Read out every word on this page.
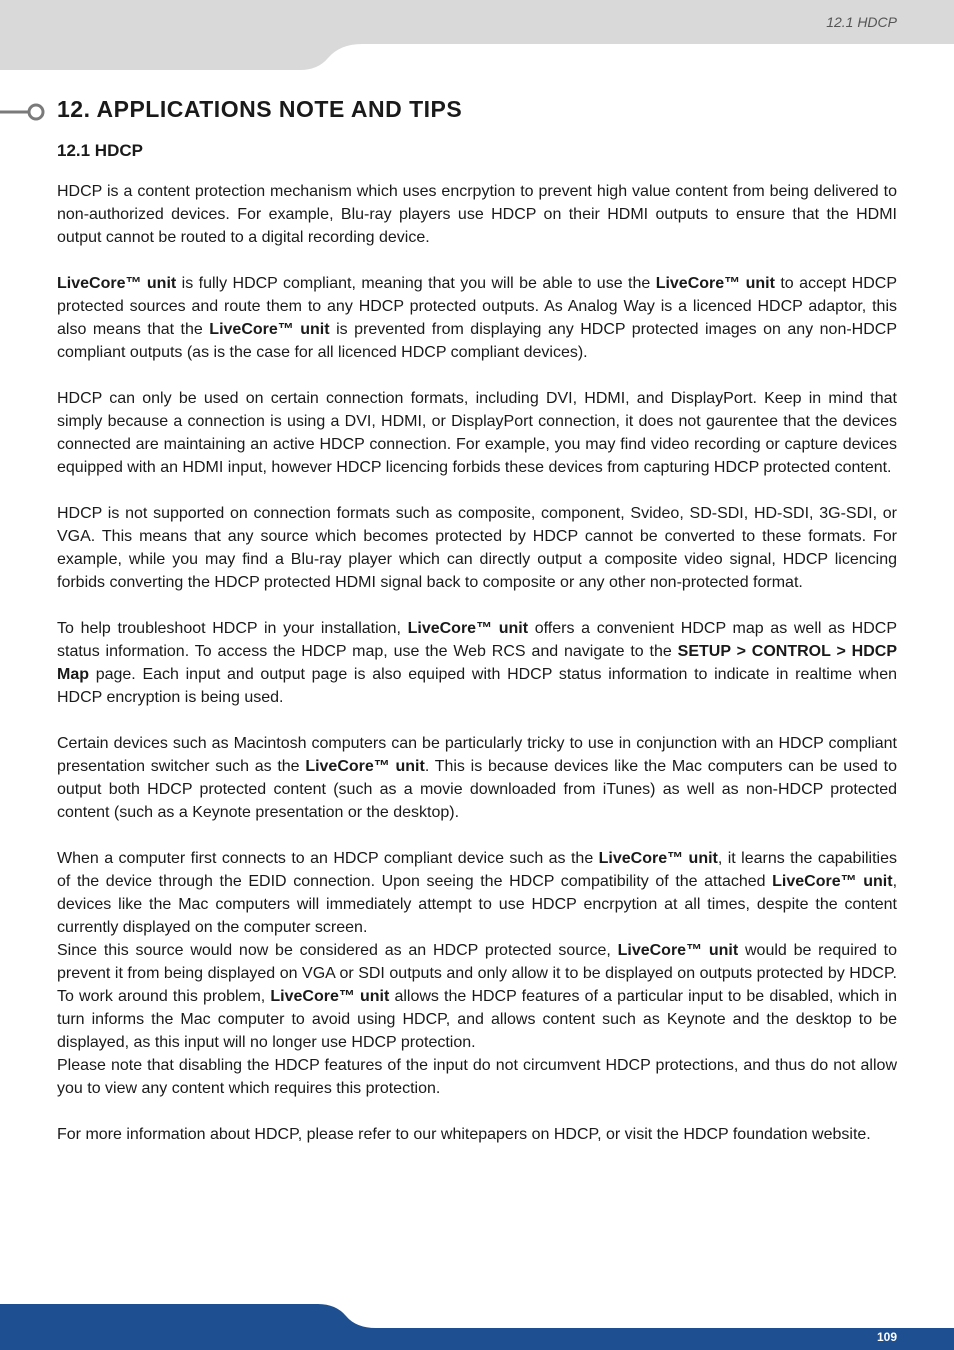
12.1 HDCP
12. APPLICATIONS NOTE AND TIPS
12.1 HDCP

HDCP is a content protection mechanism which uses encrpytion to prevent high value content from being delivered to non-authorized devices. For example, Blu-ray players use HDCP on their HDMI outputs to ensure that the HDMI output cannot be routed to a digital recording device.

LiveCore™ unit is fully HDCP compliant, meaning that you will be able to use the LiveCore™ unit to accept HDCP protected sources and route them to any HDCP protected outputs. As Analog Way is a licenced HDCP adaptor, this also means that the LiveCore™ unit is prevented from displaying any HDCP protected images on any non-HDCP compliant outputs (as is the case for all licenced HDCP compliant devices).

HDCP can only be used on certain connection formats, including DVI, HDMI, and DisplayPort. Keep in mind that simply because a connection is using a DVI, HDMI, or DisplayPort connection, it does not gaurentee that the devices connected are maintaining an active HDCP connection. For example, you may find video recording or capture devices equipped with an HDMI input, however HDCP licencing forbids these devices from capturing HDCP protected content.

HDCP is not supported on connection formats such as composite, component, Svideo, SD-SDI, HD-SDI, 3G-SDI, or VGA. This means that any source which becomes protected by HDCP cannot be converted to these formats. For example, while you may find a Blu-ray player which can directly output a composite video signal, HDCP licencing forbids converting the HDCP protected HDMI signal back to composite or any other non-protected format.

To help troubleshoot HDCP in your installation, LiveCore™ unit offers a convenient HDCP map as well as HDCP status information. To access the HDCP map, use the Web RCS and navigate to the SETUP > CONTROL > HDCP Map page. Each input and output page is also equiped with HDCP status information to indicate in realtime when HDCP encryption is being used.

Certain devices such as Macintosh computers can be particularly tricky to use in conjunction with an HDCP compliant presentation switcher such as the LiveCore™ unit. This is because devices like the Mac computers can be used to output both HDCP protected content (such as a movie downloaded from iTunes) as well as non-HDCP protected content (such as a Keynote presentation or the desktop).

When a computer first connects to an HDCP compliant device such as the LiveCore™ unit, it learns the capabilities of the device through the EDID connection. Upon seeing the HDCP compatibility of the attached LiveCore™ unit, devices like the Mac computers will immediately attempt to use HDCP encrpytion at all times, despite the content currently displayed on the computer screen.

Since this source would now be considered as an HDCP protected source, LiveCore™ unit would be required to prevent it from being displayed on VGA or SDI outputs and only allow it to be displayed on outputs protected by HDCP. To work around this problem, LiveCore™ unit allows the HDCP features of a particular input to be disabled, which in turn informs the Mac computer to avoid using HDCP, and allows content such as Keynote and the desktop to be displayed, as this input will no longer use HDCP protection.

Please note that disabling the HDCP features of the input do not circumvent HDCP protections, and thus do not allow you to view any content which requires this protection.

For more information about HDCP, please refer to our whitepapers on HDCP, or visit the HDCP foundation website.

109
